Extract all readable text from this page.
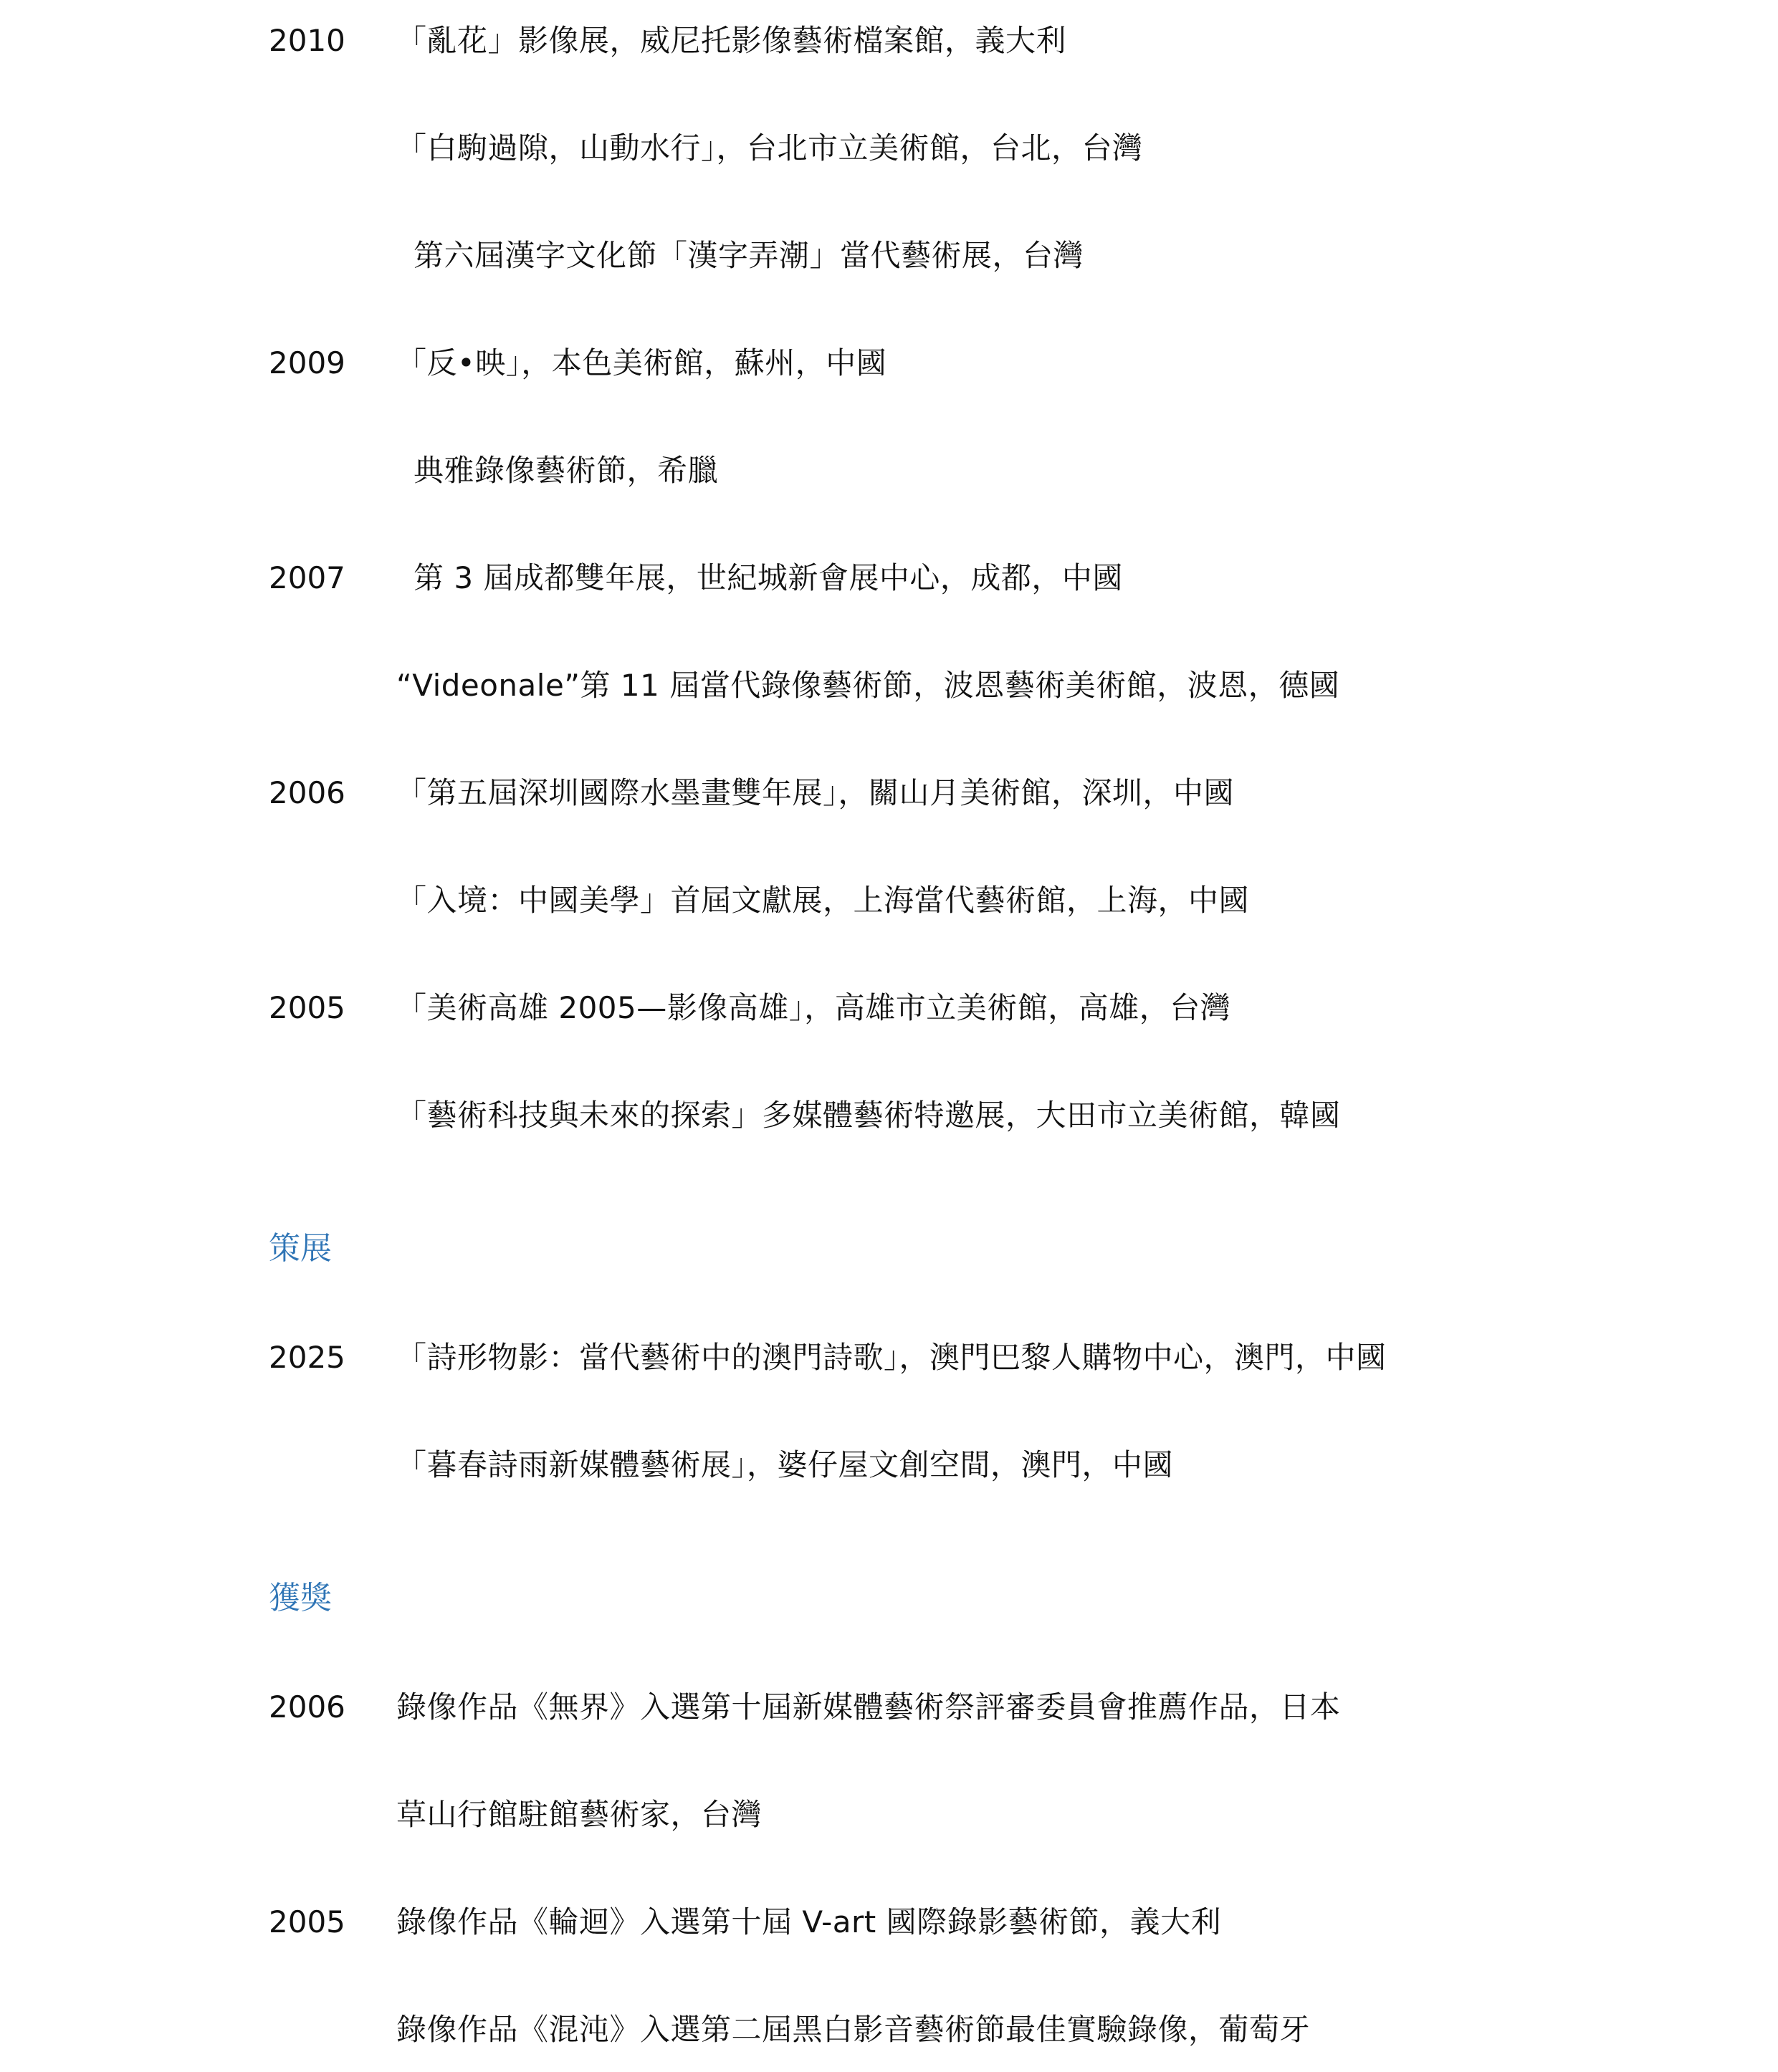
2010 「亂花」影像展，威尼托影像藝術檔案館，義大利
「白駒過隙，山動水行」，台北市立美術館，台北，台灣
第六屆漢字文化節「漢字弄潮」當代藝術展，台灣
2009 「反•映」，本色美術館，蘇州，中國
典雅錄像藝術節，希臘
2007 第 3 屆成都雙年展，世紀城新會展中心，成都，中國
“Videonale”第 11 屆當代錄像藝術節，波恩藝術美術館，波恩，德國
2006 「第五屆深圳國際水墨畫雙年展」，關山月美術館，深圳，中國
「入境：中國美學」首屆文獻展，上海當代藝術館，上海，中國
2005 「美術高雄 2005—影像高雄」，高雄市立美術館，高雄，台灣
「藝術科技與未來的探索」多媒體藝術特邀展，大田市立美術館，韓國
策展
2025 「詩形物影：當代藝術中的澳門詩歌」，澳門巴黎人購物中心，澳門，中國
「暮春詩雨新媒體藝術展」，婆仔屋文創空間，澳門，中國
獲獎
2006 錄像作品《無界》入選第十屆新媒體藝術祭評審委員會推薦作品，日本
草山行館駐館藝術家，台灣
2005 錄像作品《輪迴》入選第十屆 V-art 國際錄影藝術節，義大利
錄像作品《混沌》入選第二屆黑白影音藝術節最佳實驗錄像，葡萄牙
